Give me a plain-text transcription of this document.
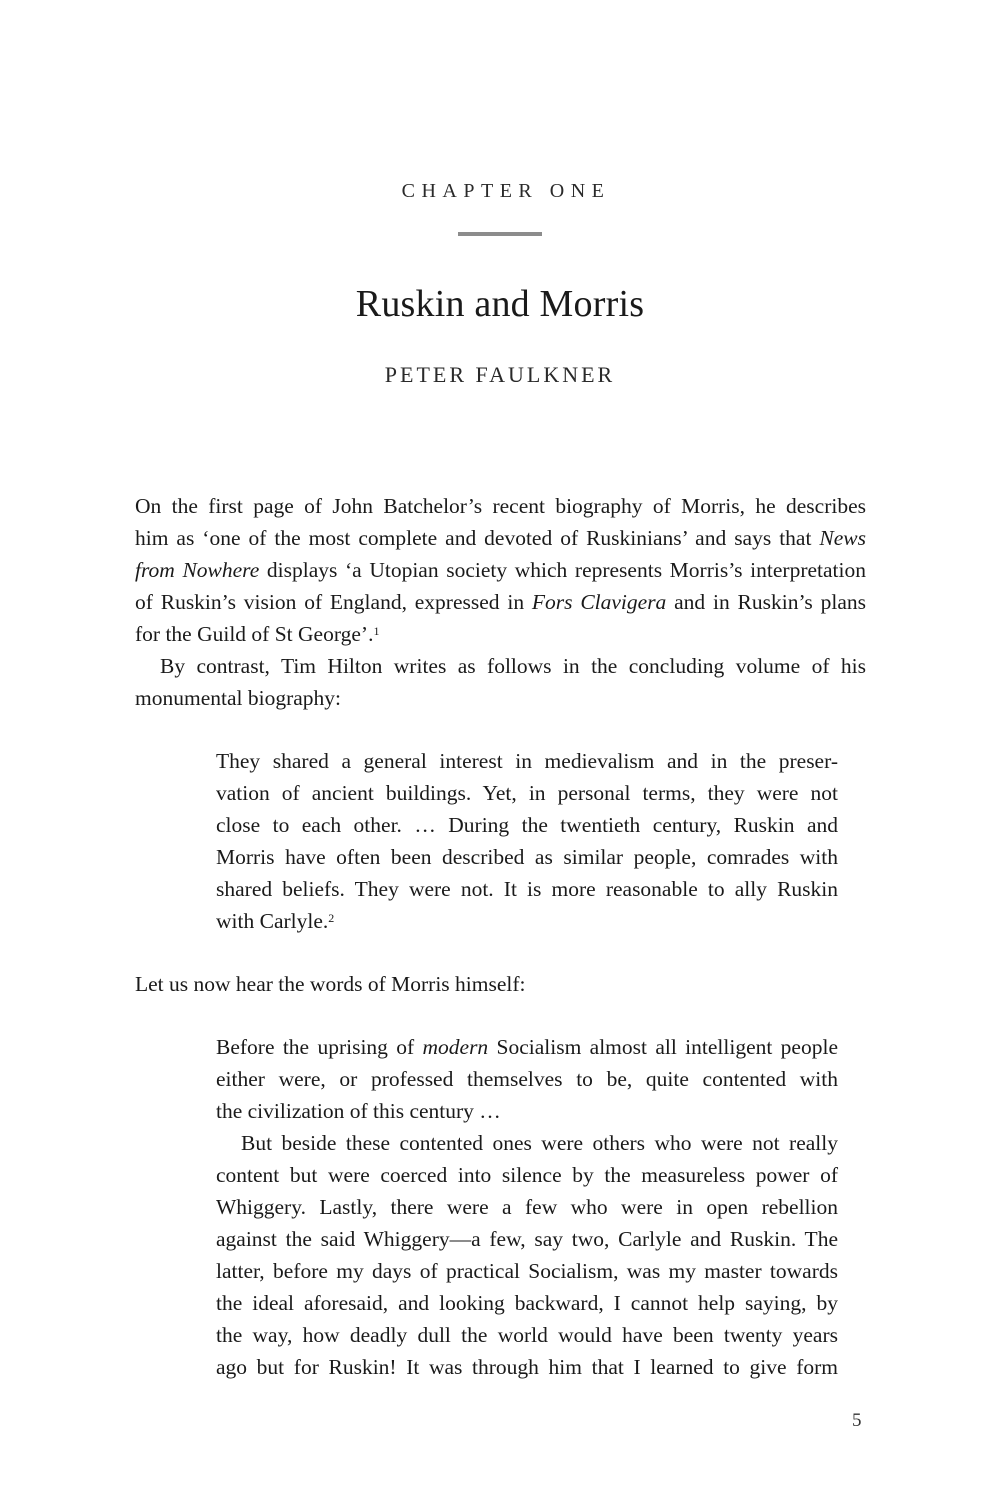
CHAPTER ONE
Ruskin and Morris
PETER FAULKNER
On the first page of John Batchelor’s recent biography of Morris, he describes
him as ‘one of the most complete and devoted of Ruskinians’ and says that News
from Nowhere displays ‘a Utopian society which represents Morris’s interpretation
of Ruskin’s vision of England, expressed in Fors Clavigera and in Ruskin’s plans
for the Guild of St George’.$^1$
By contrast, Tim Hilton writes as follows in the concluding volume of his
monumental biography:
They shared a general interest in medievalism and in the preser-
vation of ancient buildings. Yet, in personal terms, they were not
close to each other. … During the twentieth century, Ruskin and
Morris have often been described as similar people, comrades with
shared beliefs. They were not. It is more reasonable to ally Ruskin
with Carlyle.$^2$
Let us now hear the words of Morris himself:
Before the uprising of modern Socialism almost all intelligent people
either were, or professed themselves to be, quite contented with
the civilization of this century …
But beside these contented ones were others who were not really
content but were coerced into silence by the measureless power of
Whiggery. Lastly, there were a few who were in open rebellion
against the said Whiggery—a few, say two, Carlyle and Ruskin. The
latter, before my days of practical Socialism, was my master towards
the ideal aforesaid, and looking backward, I cannot help saying, by
the way, how deadly dull the world would have been twenty years
ago but for Ruskin! It was through him that I learned to give form
5
